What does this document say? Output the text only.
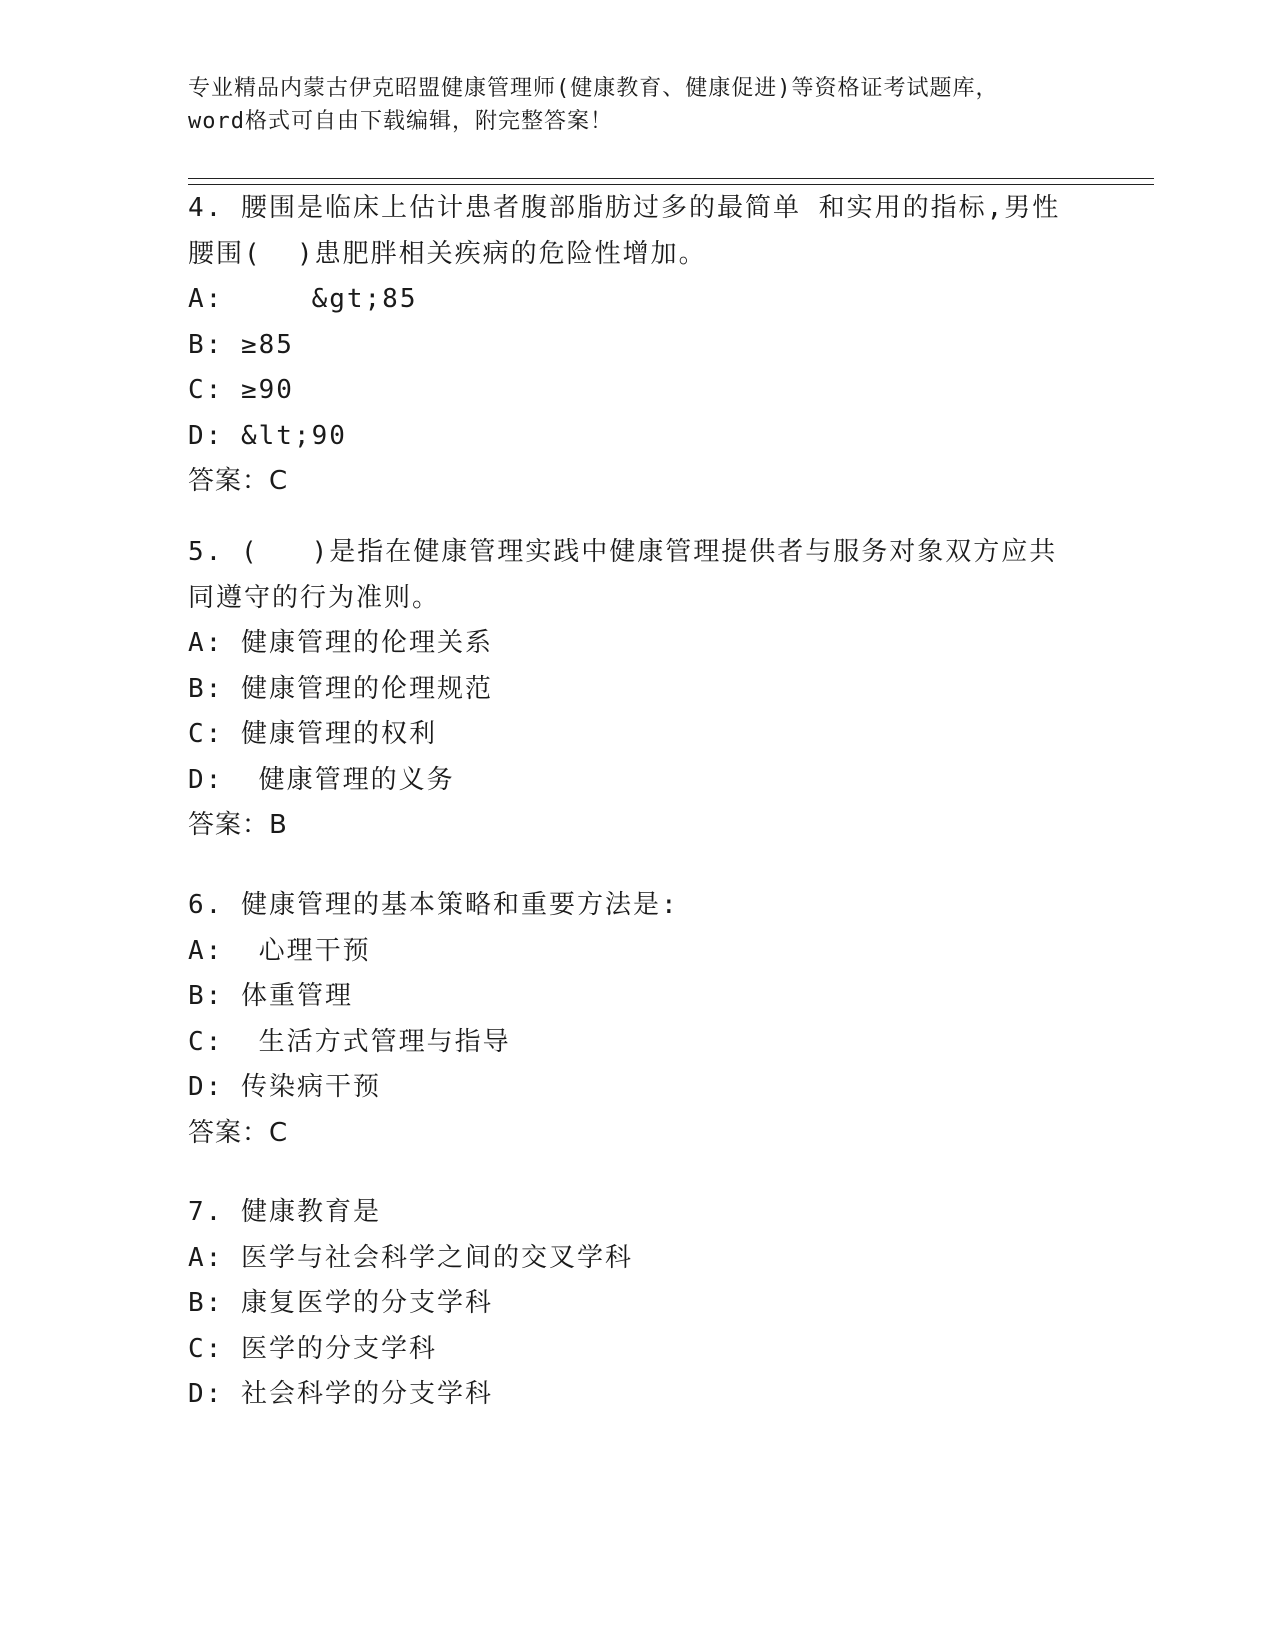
专业精品内蒙古伊克昭盟健康管理师(健康教育、健康促进)等资格证考试题库，
word格式可自由下载编辑，附完整答案！
4. 腰围是临床上估计患者腹部脂肪过多的最简单 和实用的指标,男性
腰围(  )患肥胖相关疾病的危险性增加。
A:     &gt;85
B: ≥85
C: ≥90
D: &lt;90
答案：C
5. (   )是指在健康管理实践中健康管理提供者与服务对象双方应共
同遵守的行为准则。
A: 健康管理的伦理关系
B: 健康管理的伦理规范
C: 健康管理的权利
D:  健康管理的义务
答案：B
6. 健康管理的基本策略和重要方法是:
A:  心理干预
B: 体重管理
C:  生活方式管理与指导
D: 传染病干预
答案：C
7. 健康教育是
A: 医学与社会科学之间的交叉学科
B: 康复医学的分支学科
C: 医学的分支学科
D: 社会科学的分支学科
